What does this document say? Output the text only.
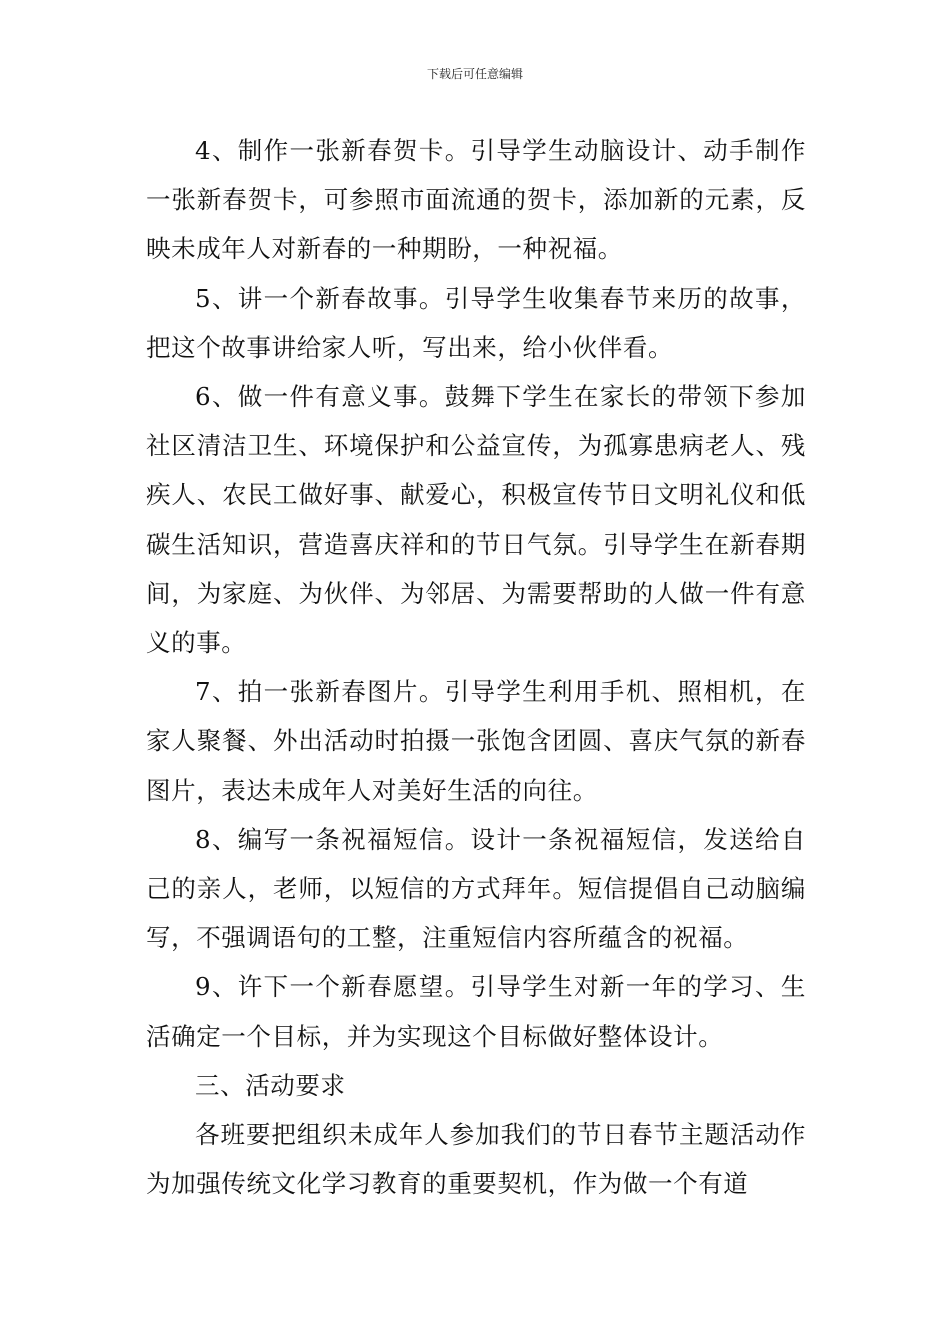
下载后可任意编辑

4、制作一张新春贺卡。引导学生动脑设计、动手制作一张新春贺卡，可参照市面流通的贺卡，添加新的元素，反映未成年人对新春的一种期盼，一种祝福。

5、讲一个新春故事。引导学生收集春节来历的故事，把这个故事讲给家人听，写出来，给小伙伴看。

6、做一件有意义事。鼓舞下学生在家长的带领下参加社区清洁卫生、环境保护和公益宣传，为孤寡患病老人、残疾人、农民工做好事、献爱心，积极宣传节日文明礼仪和低碳生活知识，营造喜庆祥和的节日气氛。引导学生在新春期间，为家庭、为伙伴、为邻居、为需要帮助的人做一件有意义的事。

7、拍一张新春图片。引导学生利用手机、照相机，在家人聚餐、外出活动时拍摄一张饱含团圆、喜庆气氛的新春图片，表达未成年人对美好生活的向往。

8、编写一条祝福短信。设计一条祝福短信，发送给自己的亲人，老师，以短信的方式拜年。短信提倡自己动脑编写，不强调语句的工整，注重短信内容所蕴含的祝福。

9、许下一个新春愿望。引导学生对新一年的学习、生活确定一个目标，并为实现这个目标做好整体设计。

三、活动要求

各班要把组织未成年人参加我们的节日春节主题活动作为加强传统文化学习教育的重要契机，作为做一个有道
